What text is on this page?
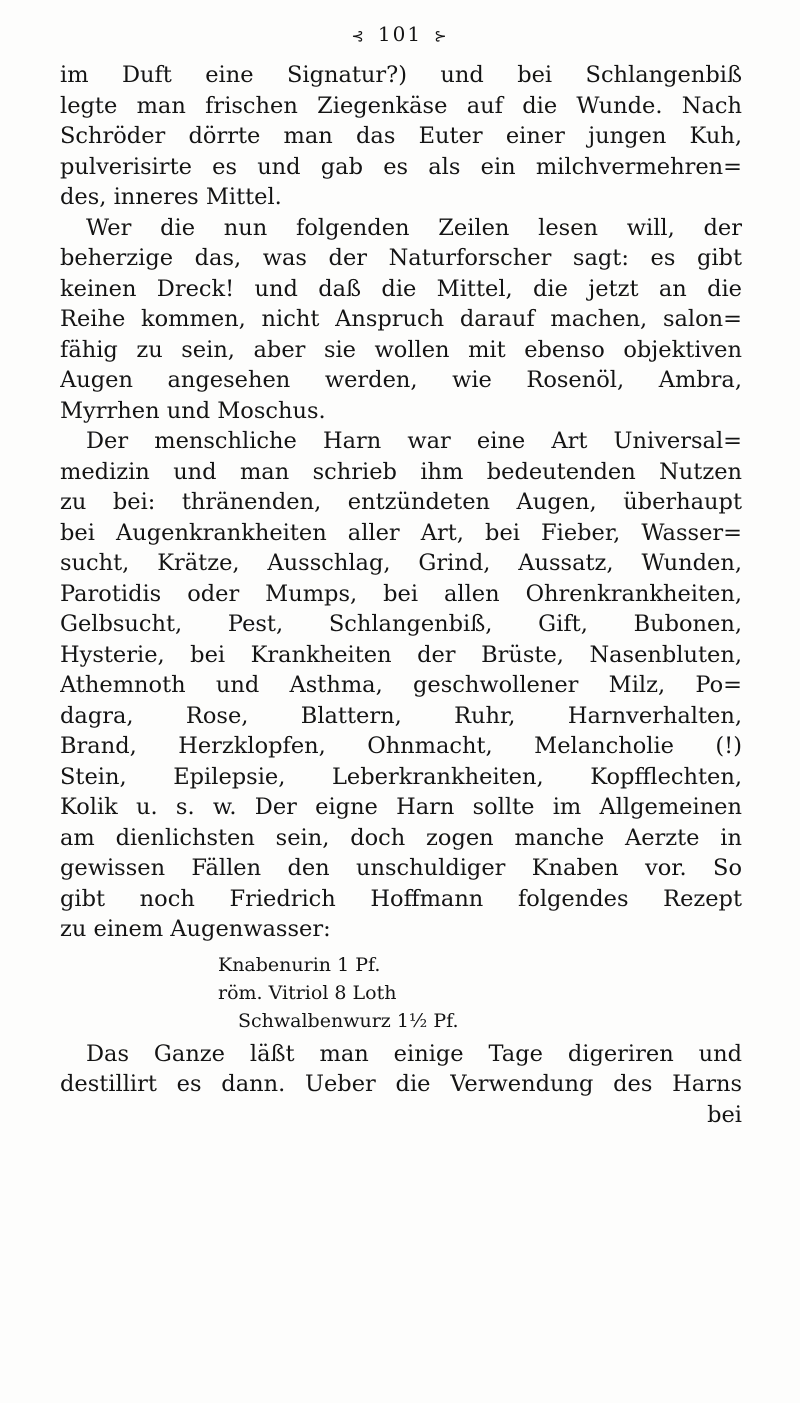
⊰ 101 ⊱
im Duft eine Signatur?) und bei Schlangenbiß
legte man frischen Ziegenkäse auf die Wunde. Nach
Schröder dörrte man das Euter einer jungen Kuh,
pulverisirte es und gab es als ein milchvermehren=
des, inneres Mittel.
Wer die nun folgenden Zeilen lesen will, der
beherzige das, was der Naturforscher sagt: es gibt
keinen Dreck! und daß die Mittel, die jetzt an die
Reihe kommen, nicht Anspruch darauf machen, salon=
fähig zu sein, aber sie wollen mit ebenso objektiven
Augen angesehen werden, wie Rosenöl, Ambra,
Myrrhen und Moschus.
Der menschliche Harn war eine Art Universal=
medizin und man schrieb ihm bedeutenden Nutzen
zu bei: thränenden, entzündeten Augen, überhaupt
bei Augenkrankheiten aller Art, bei Fieber, Wasser=
sucht, Krätze, Ausschlag, Grind, Aussatz, Wunden,
Parotidis oder Mumps, bei allen Ohrenkrankheiten,
Gelbsucht, Pest, Schlangenbiß, Gift, Bubonen,
Hysterie, bei Krankheiten der Brüste, Nasenbluten,
Athemnoth und Asthma, geschwollener Milz, Po=
dagra, Rose, Blattern, Ruhr, Harnverhalten,
Brand, Herzklopfen, Ohnmacht, Melancholie (!)
Stein, Epilepsie, Leberkrankheiten, Kopfflechten,
Kolik u. s. w. Der eigne Harn sollte im Allgemeinen
am dienlichsten sein, doch zogen manche Aerzte in
gewissen Fällen den unschuldiger Knaben vor. So
gibt noch Friedrich Hoffmann folgendes Rezept
zu einem Augenwasser:
Knabenurin 1 Pf.
röm. Vitriol 8 Loth
Schwalbenwurz 1½ Pf.
Das Ganze läßt man einige Tage digeriren und
destillirt es dann. Ueber die Verwendung des Harns
bei
